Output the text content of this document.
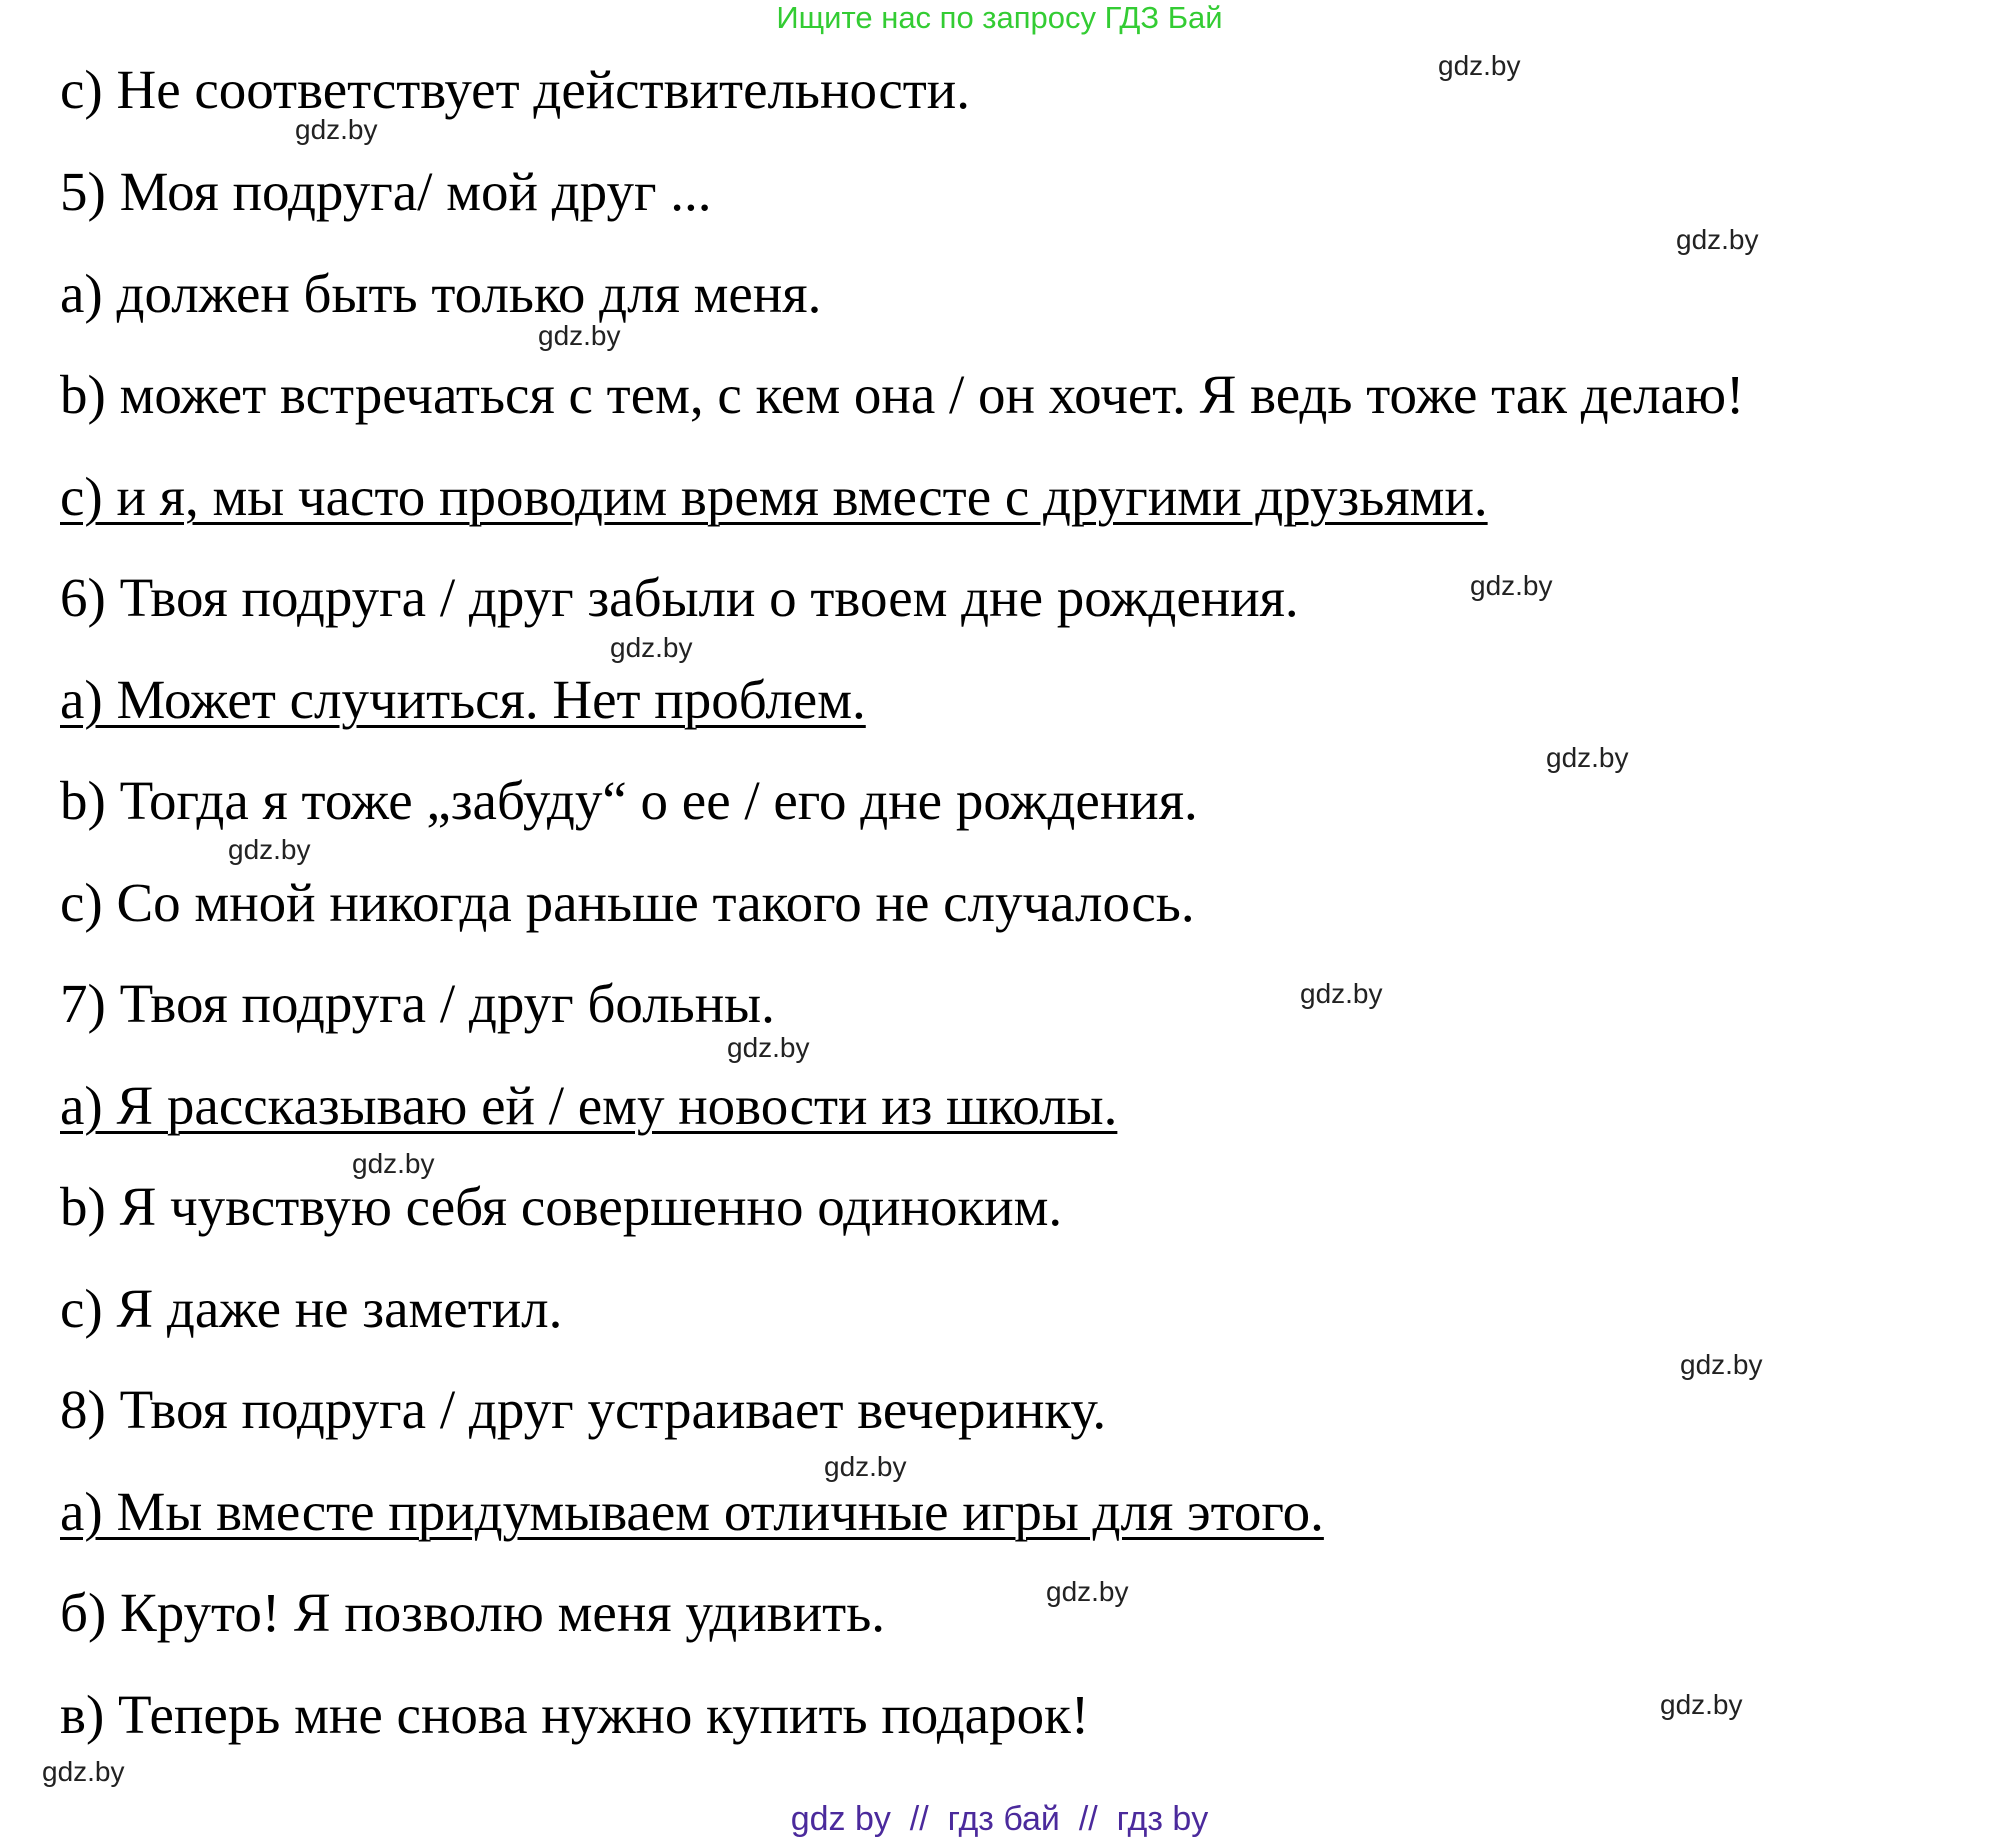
Ищите нас по запросу ГДЗ Бай
c) Не соответствует действительности.
5) Моя подруга/ мой друг ...
a) должен быть только для меня.
b) может встречаться с тем, с кем она / он хочет. Я ведь тоже так делаю!
c) и я, мы часто проводим время вместе с другими друзьями.
6) Твоя подруга / друг забыли о твоем дне рождения.
a) Может случиться. Нет проблем.
b) Тогда я тоже „забуду“ о ее / его дне рождения.
c) Со мной никогда раньше такого не случалось.
7) Твоя подруга / друг больны.
a) Я рассказываю ей / ему новости из школы.
b) Я чувствую себя совершенно одиноким.
c) Я даже не заметил.
8) Твоя подруга / друг устраивает вечеринку.
a) Мы вместе придумываем отличные игры для этого.
б) Круто! Я позволю меня удивить.
в) Теперь мне снова нужно купить подарок!
gdz.by
gdz.by
gdz.by
gdz.by
gdz.by
gdz.by
gdz.by
gdz.by
gdz.by
gdz.by
gdz.by
gdz.by
gdz.by
gdz.by
gdz.by
gdz.by
gdz by  //  гдз бай  //  гдз by
